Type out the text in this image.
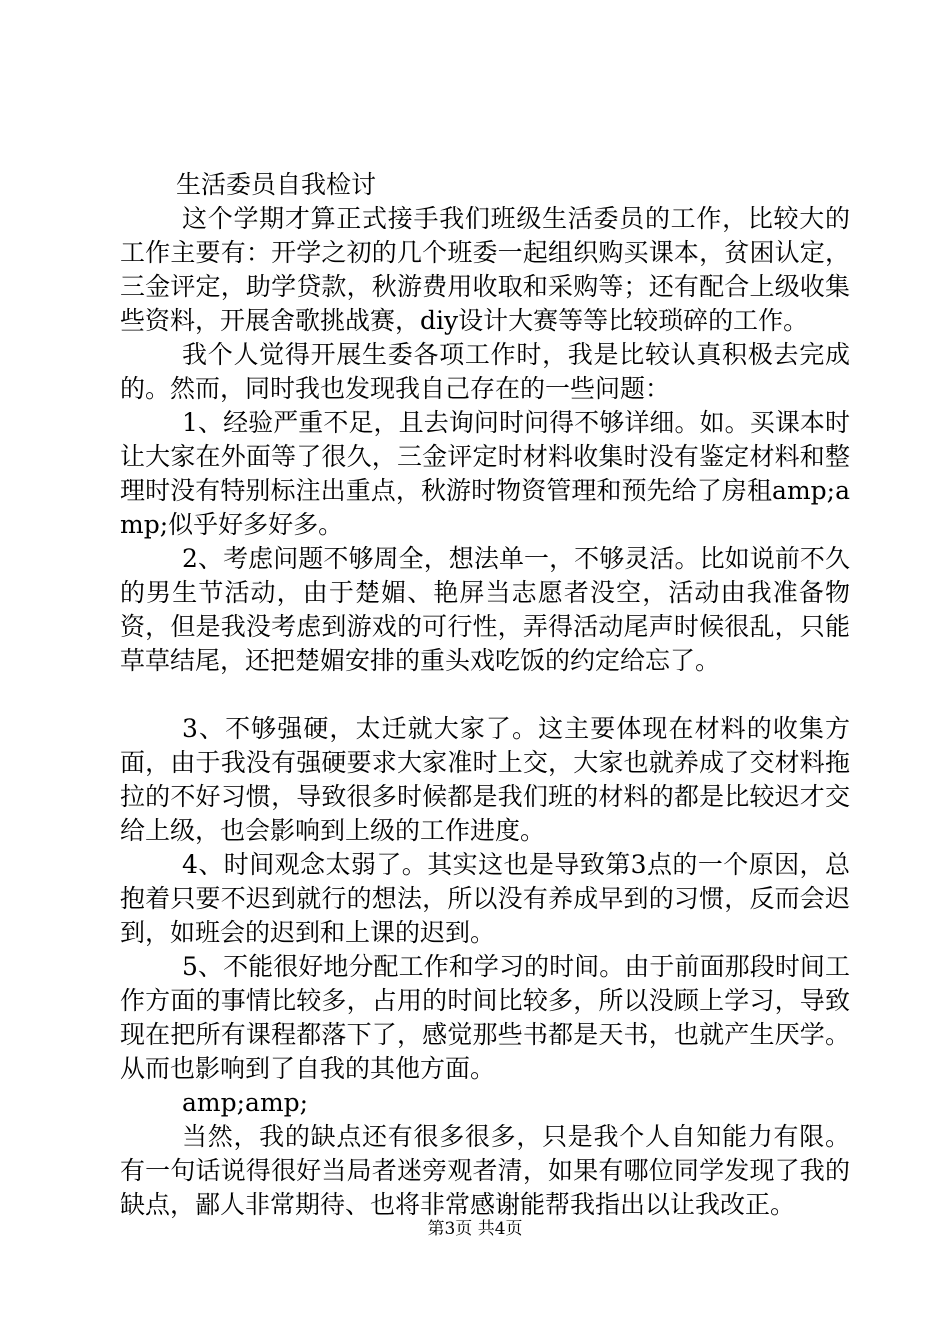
生活委员自我检讨

这个学期才算正式接手我们班级生活委员的工作，比较大的工作主要有：开学之初的几个班委一起组织购买课本，贫困认定，三金评定，助学贷款，秋游费用收取和采购等；还有配合上级收集些资料，开展舍歌挑战赛，diy设计大赛等等比较琐碎的工作。

我个人觉得开展生委各项工作时，我是比较认真积极去完成的。然而，同时我也发现我自己存在的一些问题：

1、经验严重不足，且去询问时问得不够详细。如。买课本时让大家在外面等了很久，三金评定时材料收集时没有鉴定材料和整理时没有特别标注出重点，秋游时物资管理和预先给了房租amp;amp;似乎好多好多。

2、考虑问题不够周全，想法单一，不够灵活。比如说前不久的男生节活动，由于楚媚、艳屏当志愿者没空，活动由我准备物资，但是我没考虑到游戏的可行性，弄得活动尾声时候很乱，只能草草结尾，还把楚媚安排的重头戏吃饭的约定给忘了。

3、不够强硬，太迁就大家了。这主要体现在材料的收集方面，由于我没有强硬要求大家准时上交，大家也就养成了交材料拖拉的不好习惯，导致很多时候都是我们班的材料的都是比较迟才交给上级，也会影响到上级的工作进度。

4、时间观念太弱了。其实这也是导致第3点的一个原因，总抱着只要不迟到就行的想法，所以没有养成早到的习惯，反而会迟到，如班会的迟到和上课的迟到。

5、不能很好地分配工作和学习的时间。由于前面那段时间工作方面的事情比较多，占用的时间比较多，所以没顾上学习，导致现在把所有课程都落下了，感觉那些书都是天书，也就产生厌学。从而也影响到了自我的其他方面。

amp;amp;

当然，我的缺点还有很多很多，只是我个人自知能力有限。有一句话说得很好当局者迷旁观者清，如果有哪位同学发现了我的缺点，鄙人非常期待、也将非常感谢能帮我指出以让我改正。

第3页 共4页
